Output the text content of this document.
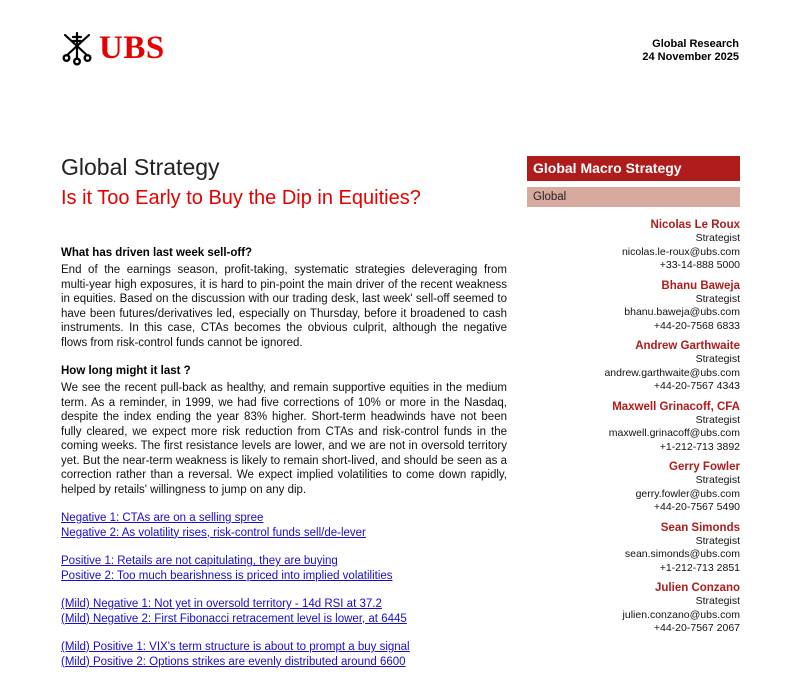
UBS	Global Research
24 November 2025
Global Strategy
Is it Too Early to Buy the Dip in Equities?
What has driven last week sell-off?

End of the earnings season, profit-taking, systematic strategies deleveraging from multi-year high exposures, it is hard to pin-point the main driver of the recent weakness in equities. Based on the discussion with our trading desk, last week' sell-off seemed to have been futures/derivatives led, especially on Thursday, before it broadened to cash instruments. In this case, CTAs becomes the obvious culprit, although the negative flows from risk-control funds cannot be ignored.

How long might it last ?

We see the recent pull-back as healthy, and remain supportive equities in the medium term. As a reminder, in 1999, we had five corrections of 10% or more in the Nasdaq, despite the index ending the year 83% higher. Short-term headwinds have not been fully cleared, we expect more risk reduction from CTAs and risk-control funds in the coming weeks. The first resistance levels are lower, and we are not in oversold territory yet. But the near-term weakness is likely to remain short-lived, and should be seen as a correction rather than a reversal. We expect implied volatilities to come down rapidly, helped by retails' willingness to jump on any dip.

Negative 1: CTAs are on a selling spree
Negative 2: As volatility rises, risk-control funds sell/de-lever
Positive 1: Retails are not capitulating, they are buying
Positive 2: Too much bearishness is priced into implied volatilities
(Mild) Negative 1: Not yet in oversold territory - 14d RSI at 37.2
(Mild) Negative 2: First Fibonacci retracement level is lower, at 6445
(Mild) Positive 1: VIX's term structure is about to prompt a buy signal
(Mild) Positive 2: Options strikes are evenly distributed around 6600
Global Macro Strategy
Global
Nicolas Le Roux
Strategist
nicolas.le-roux@ubs.com
+33-14-888 5000
Bhanu Baweja
Strategist
bhanu.baweja@ubs.com
+44-20-7568 6833
Andrew Garthwaite
Strategist
andrew.garthwaite@ubs.com
+44-20-7567 4343
Maxwell Grinacoff, CFA
Strategist
maxwell.grinacoff@ubs.com
+1-212-713 3892
Gerry Fowler
Strategist
gerry.fowler@ubs.com
+44-20-7567 5490
Sean Simonds
Strategist
sean.simonds@ubs.com
+1-212-713 2851
Julien Conzano
Strategist
julien.conzano@ubs.com
+44-20-7567 2067
